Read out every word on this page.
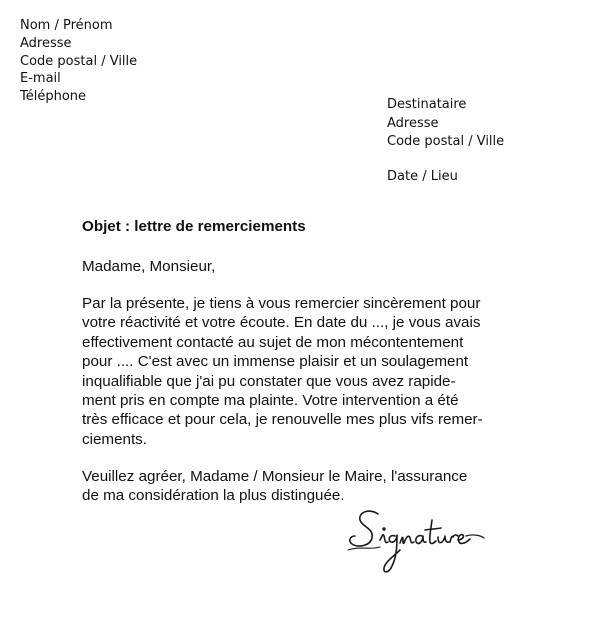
Nom / Prénom
Adresse
Code postal / Ville
E-mail
Téléphone
Destinataire
Adresse
Code postal / Ville
Date / Lieu
Objet : lettre de remerciements
Madame, Monsieur,
Par la présente, je tiens à vous remercier sincèrement pour
votre réactivité et votre écoute. En date du ..., je vous avais
effectivement contacté au sujet de mon mécontentement
pour .... C'est avec un immense plaisir et un soulagement
inqualifiable que j'ai pu constater que vous avez rapide-
ment pris en compte ma plainte. Votre intervention a été
très efficace et pour cela, je renouvelle mes plus vifs remer-
ciements.
Veuillez agréer, Madame / Monsieur le Maire, l'assurance
de ma considération la plus distinguée.
